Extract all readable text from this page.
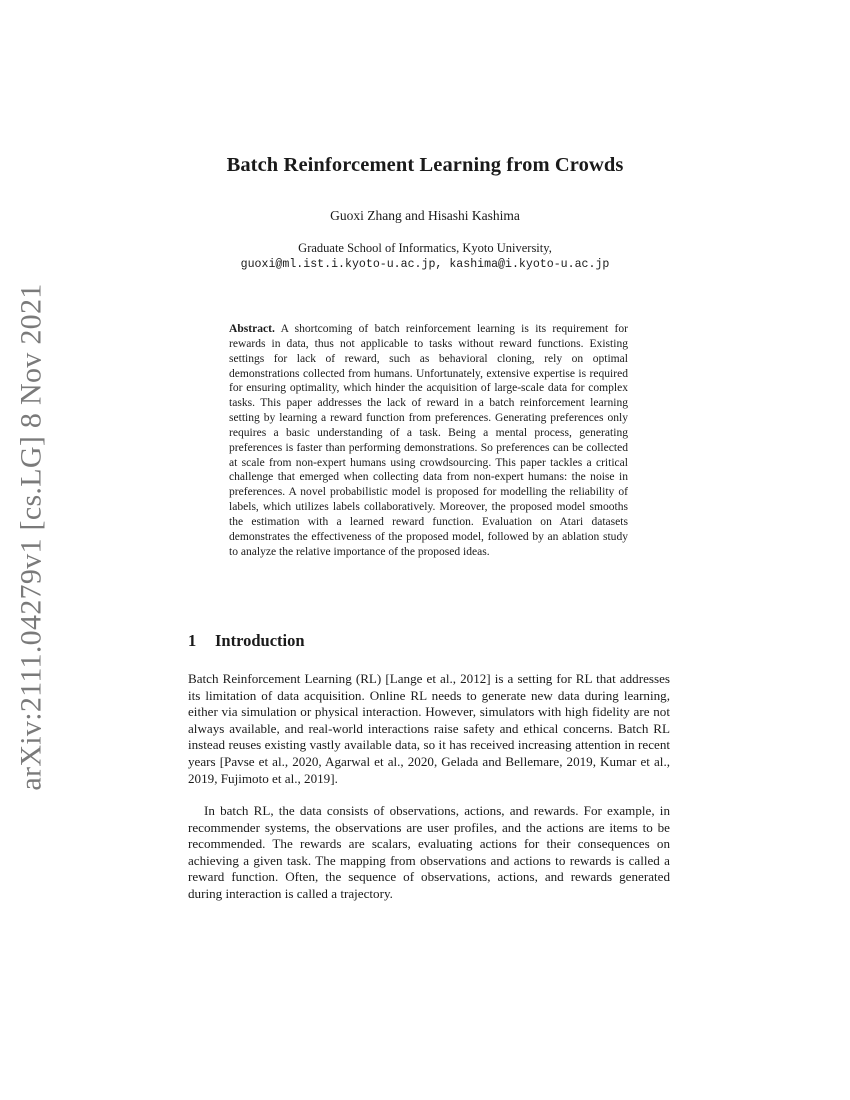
arXiv:2111.04279v1 [cs.LG] 8 Nov 2021
Batch Reinforcement Learning from Crowds
Guoxi Zhang and Hisashi Kashima
Graduate School of Informatics, Kyoto University,
guoxi@ml.ist.i.kyoto-u.ac.jp, kashima@i.kyoto-u.ac.jp
Abstract. A shortcoming of batch reinforcement learning is its requirement for rewards in data, thus not applicable to tasks without reward functions. Existing settings for lack of reward, such as behavioral cloning, rely on optimal demonstrations collected from humans. Unfortunately, extensive expertise is required for ensuring optimality, which hinder the acquisition of large-scale data for complex tasks. This paper addresses the lack of reward in a batch reinforcement learning setting by learning a reward function from preferences. Generating preferences only requires a basic understanding of a task. Being a mental process, generating preferences is faster than performing demonstrations. So preferences can be collected at scale from non-expert humans using crowdsourcing. This paper tackles a critical challenge that emerged when collecting data from non-expert humans: the noise in preferences. A novel probabilistic model is proposed for modelling the reliability of labels, which utilizes labels collaboratively. Moreover, the proposed model smooths the estimation with a learned reward function. Evaluation on Atari datasets demonstrates the effectiveness of the proposed model, followed by an ablation study to analyze the relative importance of the proposed ideas.
1 Introduction
Batch Reinforcement Learning (RL) [Lange et al., 2012] is a setting for RL that addresses its limitation of data acquisition. Online RL needs to generate new data during learning, either via simulation or physical interaction. However, simulators with high fidelity are not always available, and real-world interactions raise safety and ethical concerns. Batch RL instead reuses existing vastly available data, so it has received increasing attention in recent years [Pavse et al., 2020, Agarwal et al., 2020, Gelada and Bellemare, 2019, Kumar et al., 2019, Fujimoto et al., 2019].
In batch RL, the data consists of observations, actions, and rewards. For example, in recommender systems, the observations are user profiles, and the actions are items to be recommended. The rewards are scalars, evaluating actions for their consequences on achieving a given task. The mapping from observations and actions to rewards is called a reward function. Often, the sequence of observations, actions, and rewards generated during interaction is called a trajectory.
